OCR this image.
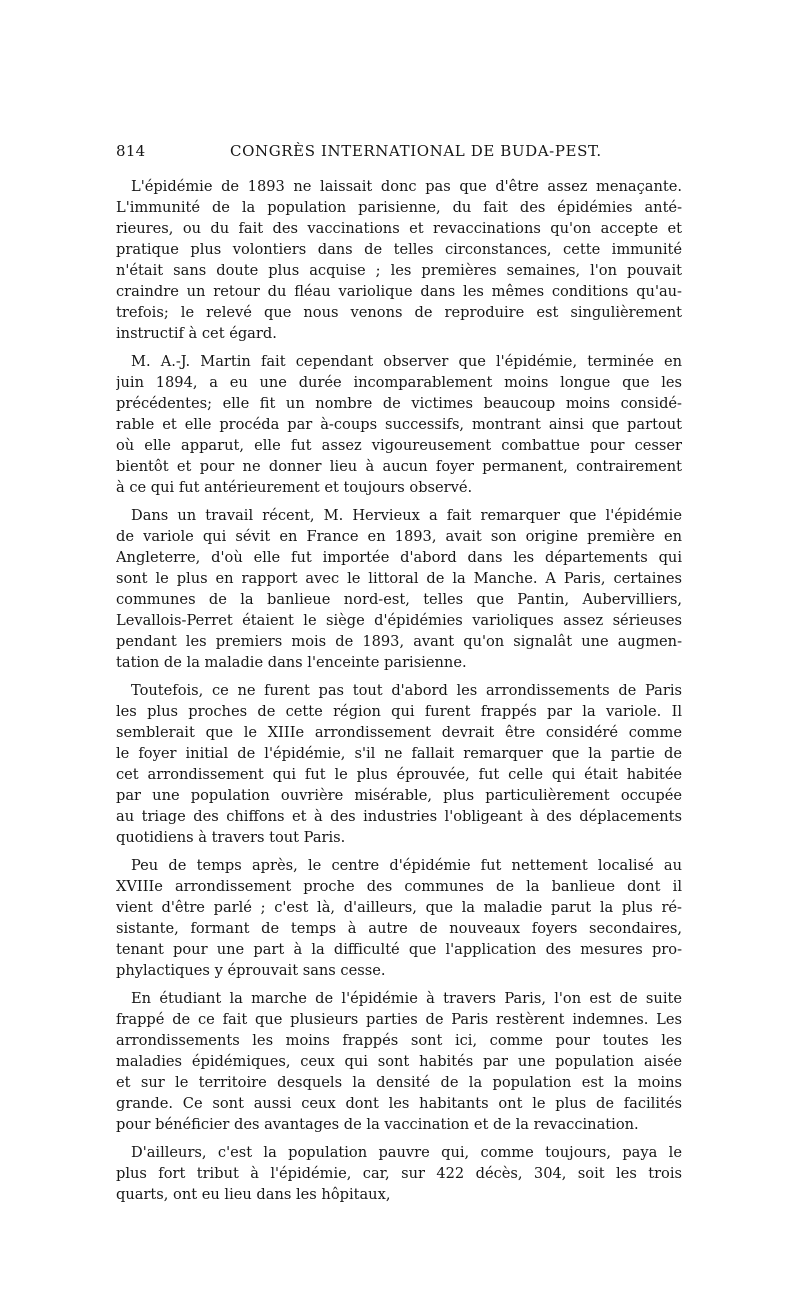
814	CONGRÈS INTERNATIONAL DE BUDA-PEST.
L'épidémie de 1893 ne laissait donc pas que d'être assez menaçante.
L'immunité de la population parisienne, du fait des épidémies anté-
rieures, ou du fait des vaccinations et revaccinations qu'on accepte et
pratique plus volontiers dans de telles circonstances, cette immunité
n'était sans doute plus acquise ; les premières semaines, l'on pouvait
craindre un retour du fléau variolique dans les mêmes conditions qu'au-
trefois; le relevé que nous venons de reproduire est singulièrement
instructif à cet égard.
M. A.-J. Martin fait cependant observer que l'épidémie, terminée en
juin 1894, a eu une durée incomparablement moins longue que les
précédentes; elle fit un nombre de victimes beaucoup moins considé-
rable et elle procéda par à-coups successifs, montrant ainsi que partout
où elle apparut, elle fut assez vigoureusement combattue pour cesser
bientôt et pour ne donner lieu à aucun foyer permanent, contrairement
à ce qui fut antérieurement et toujours observé.
Dans un travail récent, M. Hervieux a fait remarquer que l'épidémie
de variole qui sévit en France en 1893, avait son origine première en
Angleterre, d'où elle fut importée d'abord dans les départements qui
sont le plus en rapport avec le littoral de la Manche. A Paris, certaines
communes de la banlieue nord-est, telles que Pantin, Aubervilliers,
Levallois-Perret étaient le siège d'épidémies varioliques assez sérieuses
pendant les premiers mois de 1893, avant qu'on signalât une augmen-
tation de la maladie dans l'enceinte parisienne.
Toutefois, ce ne furent pas tout d'abord les arrondissements de Paris
les plus proches de cette région qui furent frappés par la variole. Il
semblerait que le XIIIe arrondissement devrait être considéré comme
le foyer initial de l'épidémie, s'il ne fallait remarquer que la partie de
cet arrondissement qui fut le plus éprouvée, fut celle qui était habitée
par une population ouvrière misérable, plus particulièrement occupée
au triage des chiffons et à des industries l'obligeant à des déplacements
quotidiens à travers tout Paris.
Peu de temps après, le centre d'épidémie fut nettement localisé au
XVIIIe arrondissement proche des communes de la banlieue dont il
vient d'être parlé ; c'est là, d'ailleurs, que la maladie parut la plus ré-
sistante, formant de temps à autre de nouveaux foyers secondaires,
tenant pour une part à la difficulté que l'application des mesures pro-
phylactiques y éprouvait sans cesse.
En étudiant la marche de l'épidémie à travers Paris, l'on est de suite
frappé de ce fait que plusieurs parties de Paris restèrent indemnes. Les
arrondissements les moins frappés sont ici, comme pour toutes les
maladies épidémiques, ceux qui sont habités par une population aisée
et sur le territoire desquels la densité de la population est la moins
grande. Ce sont aussi ceux dont les habitants ont le plus de facilités
pour bénéficier des avantages de la vaccination et de la revaccination.
D'ailleurs, c'est la population pauvre qui, comme toujours, paya le
plus fort tribut à l'épidémie, car, sur 422 décès, 304, soit les trois
quarts, ont eu lieu dans les hôpitaux,
